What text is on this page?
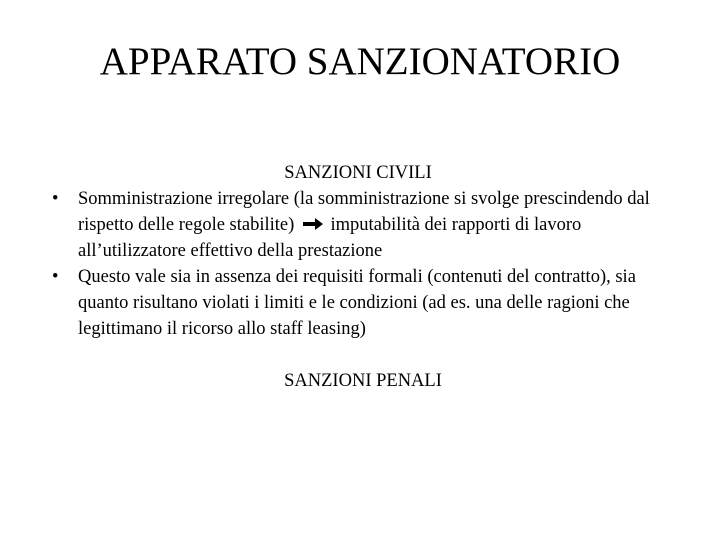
APPARATO SANZIONATORIO
SANZIONI CIVILI
• Somministrazione irregolare (la somministrazione si svolge prescindendo dal rispetto delle regole stabilite) imputabilità dei rapporti di lavoro all’utilizzatore effettivo della prestazione
• Questo vale sia in assenza dei requisiti formali (contenuti del contratto), sia quanto risultano violati i limiti e le condizioni (ad es. una delle ragioni che legittimano il ricorso allo staff leasing)
SANZIONI PENALI
